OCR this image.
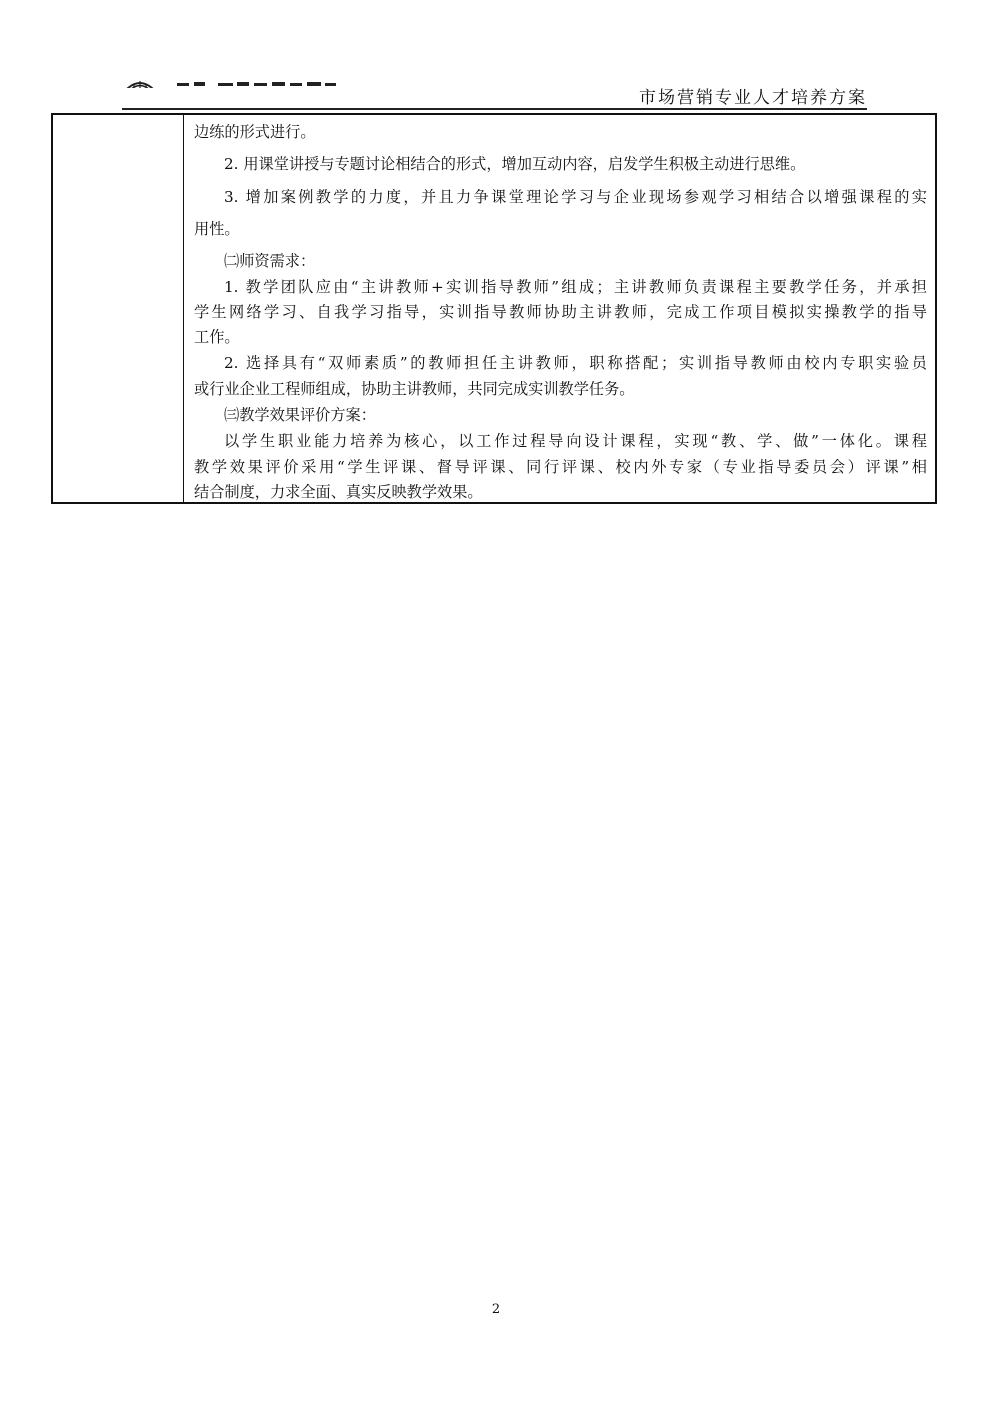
市场营销专业人才培养方案
边练的形式进行。
2. 用课堂讲授与专题讨论相结合的形式，增加互动内容，启发学生积极主动进行思维。
3. 增加案例教学的力度，并且力争课堂理论学习与企业现场参观学习相结合以增强课程的实
用性。
㈡师资需求：
1. 教学团队应由“主讲教师+实训指导教师”组成；主讲教师负责课程主要教学任务，并承担
学生网络学习、自我学习指导，实训指导教师协助主讲教师，完成工作项目模拟实操教学的指导
工作。
2. 选择具有“双师素质”的教师担任主讲教师，职称搭配；实训指导教师由校内专职实验员
或行业企业工程师组成，协助主讲教师，共同完成实训教学任务。
㈢教学效果评价方案：
以学生职业能力培养为核心，以工作过程导向设计课程，实现“教、学、做”一体化。课程
教学效果评价采用“学生评课、督导评课、同行评课、校内外专家（专业指导委员会）评课”相
结合制度，力求全面、真实反映教学效果。
2
